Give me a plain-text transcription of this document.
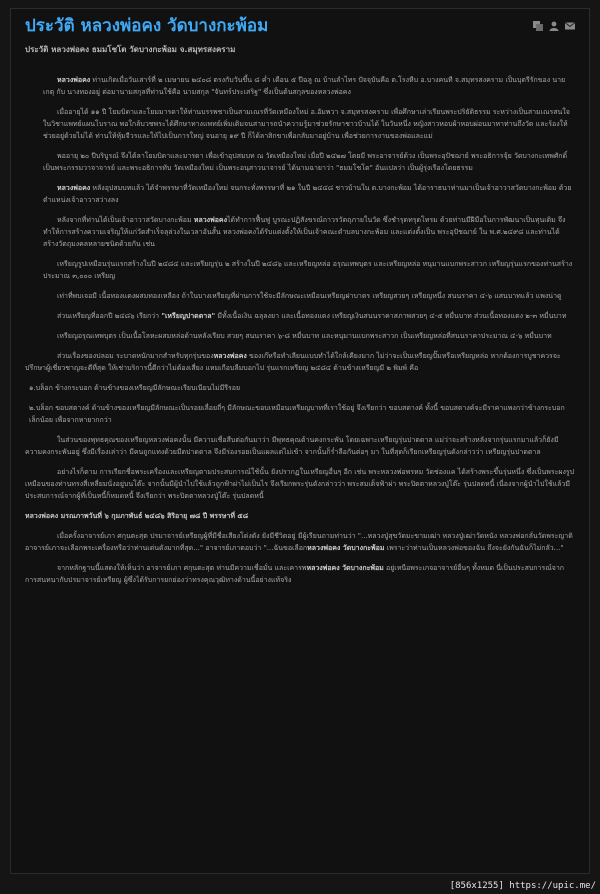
ประวัติ หลวงพ่อคง วัดบางกะพ้อม
ประวัติ หลวงพ่อคง ธมมโชโต วัดบางกะพ้อม จ.สมุทรสงคราม

หลวงพ่อคง ท่านเกิดเมื่อวันเสาร์ที่ ๒ เมษายน ๒๔๐๘ ตรงกับวันขึ้น ๘ ค่ำ เดือน ๕ ปีฉลู ณ บ้านลำไทร ปัจจุบันคือ ต.โรงหีบ อ.บางคนที จ.สมุทรสงคราม เป็นบุตรีรักของ นายเกตุ กับ นางทองอยู่ ต่อมานามสกุลที่ท่านใช้คือ นามสกุล "จันทร์ประเสริฐ" ซึ่งเป็นต้นสกุลของหลวงพ่อคง

เมื่ออายุได้ ๑๑ ปี โยมบิดาและโยมมารดาให้ท่านบรรพชาเป็นสามเณรที่วัดเหมืองใหม่ อ.อัมพวา จ.สมุทรสงคราม เพื่อศึกษาเล่าเรียนพระปริยัติธรรม ระหว่างเป็นสามเณรสนใจในวิชาแพทย์แผนโบราณ พอใกล้บวชพระได้ศึกษาทางแพทย์เพิ่มเติมจนสามารถนำความรู้มาช่วยรักษาชาวบ้านได้ ในวันหนึ่ง หญิงสาวหอบผ้าหอบผ่อนมาหาท่านถึงวัด และร้องให้ช่วยอยู่ด้วยไม่ได้ ท่านให้หุ้มจีวรและให้ไปเป็นการใหญ่ จนอายุ ๑๙ ปี ก็ได้ลาสิกขาเพื่อกลับมาอยู่บ้าน เพื่อช่วยการงานของพ่อและแม่

พออายุ ๒๐ ปีบริบูรณ์ จึงได้ลาโยมบิดาและมารดา เพื่อเข้าอุปสมบท ณ วัดเหมืองใหม่ เมื่อปี ๒๔๒๗ โดยมี พระอาจารย์ด้วง เป็นพระอุปัชฌาย์ พระอธิการจุ้ย วัดบางกะเทพศักดิ์ เป็นพระกรรมวาจาจารย์ และพระอธิการทับ วัดเหมืองใหม่ เป็นพระอนุสาวนาจารย์ ได้นามฉายาว่า "ธมมโชโต" อันแปลว่า เป็นผู้รุ่งเรืองโดยธรรม

หลวงพ่อคง หลังอุปสมบทแล้ว ได้จำพรรษาที่วัดเหมืองใหม่ จนกระทั่งพรรษาที่ ๒๑ ในปี ๒๔๔๘ ชาวบ้านใน ต.บางกะพ้อม ได้อาราธนาท่านมาเป็นเจ้าอาวาสวัดบางกะพ้อม ด้วยตำแหน่งเจ้าอาวาสว่างลง

หลังจากที่ท่านได้เป็นเจ้าอาวาสวัดบางกะพ้อม หลวงพ่อคงได้ทำการฟื้นฟู บูรณะปฏิสังขรณ์ถาวรวัตถุภายในวัด ซึ่งชำรุดทรุดโทรม ด้วยท่านมีฝีมือในการพัฒนาเป็นทุนเดิม จึงทำให้การสร้างความเจริญให้แก่วัดสำเร็จลุล่วงในเวลาอันสั้น หลวงพ่อคงได้รับแต่งตั้งให้เป็นเจ้าคณะตำบลบางกะพ้อม และแต่งตั้งเป็น พระอุปัชฌาย์ ใน พ.ศ.๒๔๙๘ และท่านได้สร้างวัตถุมงคลหลายชนิดด้วยกัน เช่น

เหรียญรูปเหมือนรุ่นแรกสร้างในปี ๒๔๘๔ และเหรียญรุ่น ๒ สร้างในปี ๒๔๘๖ และเหรียญหล่อ อรุณเทพบุตร และเหรียญหล่อ หนุมานแบกพระสาวก เหรียญรุ่นแรกของท่านสร้างประมาณ ๓,๐๐๐ เหรียญ

เท่าที่พบเจอมี เนื้อทองแดงผสมทองเหลือง ถ้าในบางเหรียญที่ผ่านการใช้จะมีลักษณะเหมือนเหรียญฝาบาตร เหรียญสวยๆ เหรียญหนึ่ง สนนราคา ๔-๖ แสนบาทแล้ว แพงน่าดู

ส่วนเหรียญที่ออกปี ๒๔๘๖ เรียกว่า "เหรียญปาดตาล" มีทั้งเนื้อเงิน ฉลุลงยา และเนื้อทองแดง เหรียญเงินสนนราคาสภาพสวยๆ ๔-๕ หมื่นบาท ส่วนเนื้อทองแดง ๒-๓ หมื่นบาท

เหรียญอรุณเทพบุตร เป็นเนื้อโลหะผสมหล่อด้านหลังเรียบ สวยๆ สนนราคา ๖-๘ หมื่นบาท และหนุมานแบกพระสาวก เป็นเหรียญหล่อที่สนนราคาประมาณ ๔-๖ หมื่นบาท

ส่วนเรื่องของปลอม ระบาดหนักมากสำหรับทุกรุ่นของหลวงพ่อคง ของเก๊หรือทำเลียนแบบทำได้ใกล้เคียงมาก ไม่ว่าจะเป็นเหรียญปั๊มหรือเหรียญหล่อ หากต้องการบูชาควรจะปรึกษาผู้เชี่ยวชาญจะดีที่สุด ให้เช่าบริการนี้ดีกว่าไม่ต้องเสี่ยง แหมเกือบลืมบอกไป รุ่นแรกเหรียญ ๒๔๘๔ ด้านข้างเหรียญมี ๒ พิมพ์ คือ

๑.บล็อก ข้างกระบอก ด้านข้างของเหรียญมีลักษณะเรียบเนียนไม่มีรีรอย

๒.บล็อก ขอบสตางค์ ด้านข้างของเหรียญมีลักษณะเป็นรอยเลื่อยถี่ๆ มีลักษณะขอบเหมือนเหรียญบาทที่เราใช้อยู่ จึงเรียกว่า ขอบสตางค์ ทั้งนี้ ขอบสตางค์จะมีราคาแพงกว่าข้างกระบอกเล็กน้อย เพื่อจากหายากกว่า

ในส่วนของพุทธคุณของเหรียญหลวงพ่อคงนั้น มีความเชื่อสืบต่อกันมาว่า มีพุทธคุณด้านคงกระพัน โดยเฉพาะเหรียญรุ่นปาดตาล แม่ว่าจะสร้างหลังจากรุ่นแรกมาแล้วก็ยังมีความคงกระพันอยู่ ซึ่งมีเรื่องเล่าว่า มีคนถูกแทงด้วยมีดปาดตาล จึงมีร่องรอยเป็นแผลแต่ไม่เข้า จากนั้นก็ร่ำลือกันต่อๆ มา ในที่สุดก็เรียกเหรียญรุ่นดังกล่าวว่า เหรียญรุ่นปาดตาล

อย่างไรก็ตาม การเรียกชื่อพระเครื่องและเหรียญตามประสบการณ์ใช้นั้น ยังปรากฏในเหรียญอื่นๆ อีก เช่น พระหลวงพ่อพรหม วัดช่องแค ได้สร้างพระขึ้นรุ่นหนึ่ง ซึ่งเป็นพระผงรูปเหมือนของท่านทรงสี่เหลี่ยมนั่งอยู่บนโต๊ะ จากนั้นมีผู้นำไปใช้แล้วถูกฟ้าผ่าไม่เป็นไร จึงเรียกพระรุ่นดังกล่าวว่า พระสมเด็จฟ้าผ่า พระปิดตาหลวงปู่โต๊ะ รุ่นปลดหนี้ เนื่องจากผู้นำไปใช้แล้วมีประสบการณ์จากผู้ที่เป็นหนี้ก็หมดหนี้ จึงเรียกว่า พระปิดตาหลวงปู่โต๊ะ รุ่นปลดหนี้

หลวงพ่อคง มรณภาพวันที่ ๖ กุมภาพันธ์ ๒๔๘๖ สิริอายุ ๗๘ ปี พรรษาที่ ๕๘

เมื่อครั้งอาจารย์เภา ศกุนตะสุต ปรมาจารย์เหรียญผู้ที่มีชื่อเสียงโด่งดัง ยังมีชีวิตอยู่ มีผู้เรียนถามท่านว่า "...หลวงปู่สุขวัดมะขามเฒ่า หลวงปู่เฒ่าวัดหนัง หลวงพ่อกลั่นวัดพระญาติ อาจารย์เภาจะเลือกพระเครื่องหรือว่าท่านเด่นดังมากที่สุด..." อาจารย์เภาตอบว่า "...ฉันขอเลือกหลวงพ่อคง วัดบางกะพ้อม เพราะว่าท่านเป็นหลวงพ่อของฉัน ถึงจะยังกันฉันก็ไม่กลัว..."

จากหลักฐานนี้แสดงให้เห็นว่า อาจารย์เภา ศกุนตะสุต ท่านมีความเชื่อมั่น และเคารพหลวงพ่อคง วัดบางกะพ้อม อยู่เหนือพระเกจอาจารย์อื่นๆ ทั้งหมด นี่เป็นประสบการณ์จากการสนทนากับปรมาจารย์เหรียญ ผู้ซึ่งได้รับการยกย่องว่าทรงคุณวุฒิทางด้านนี้อย่างแท้จริง

[856x1255] https://upic.me/
